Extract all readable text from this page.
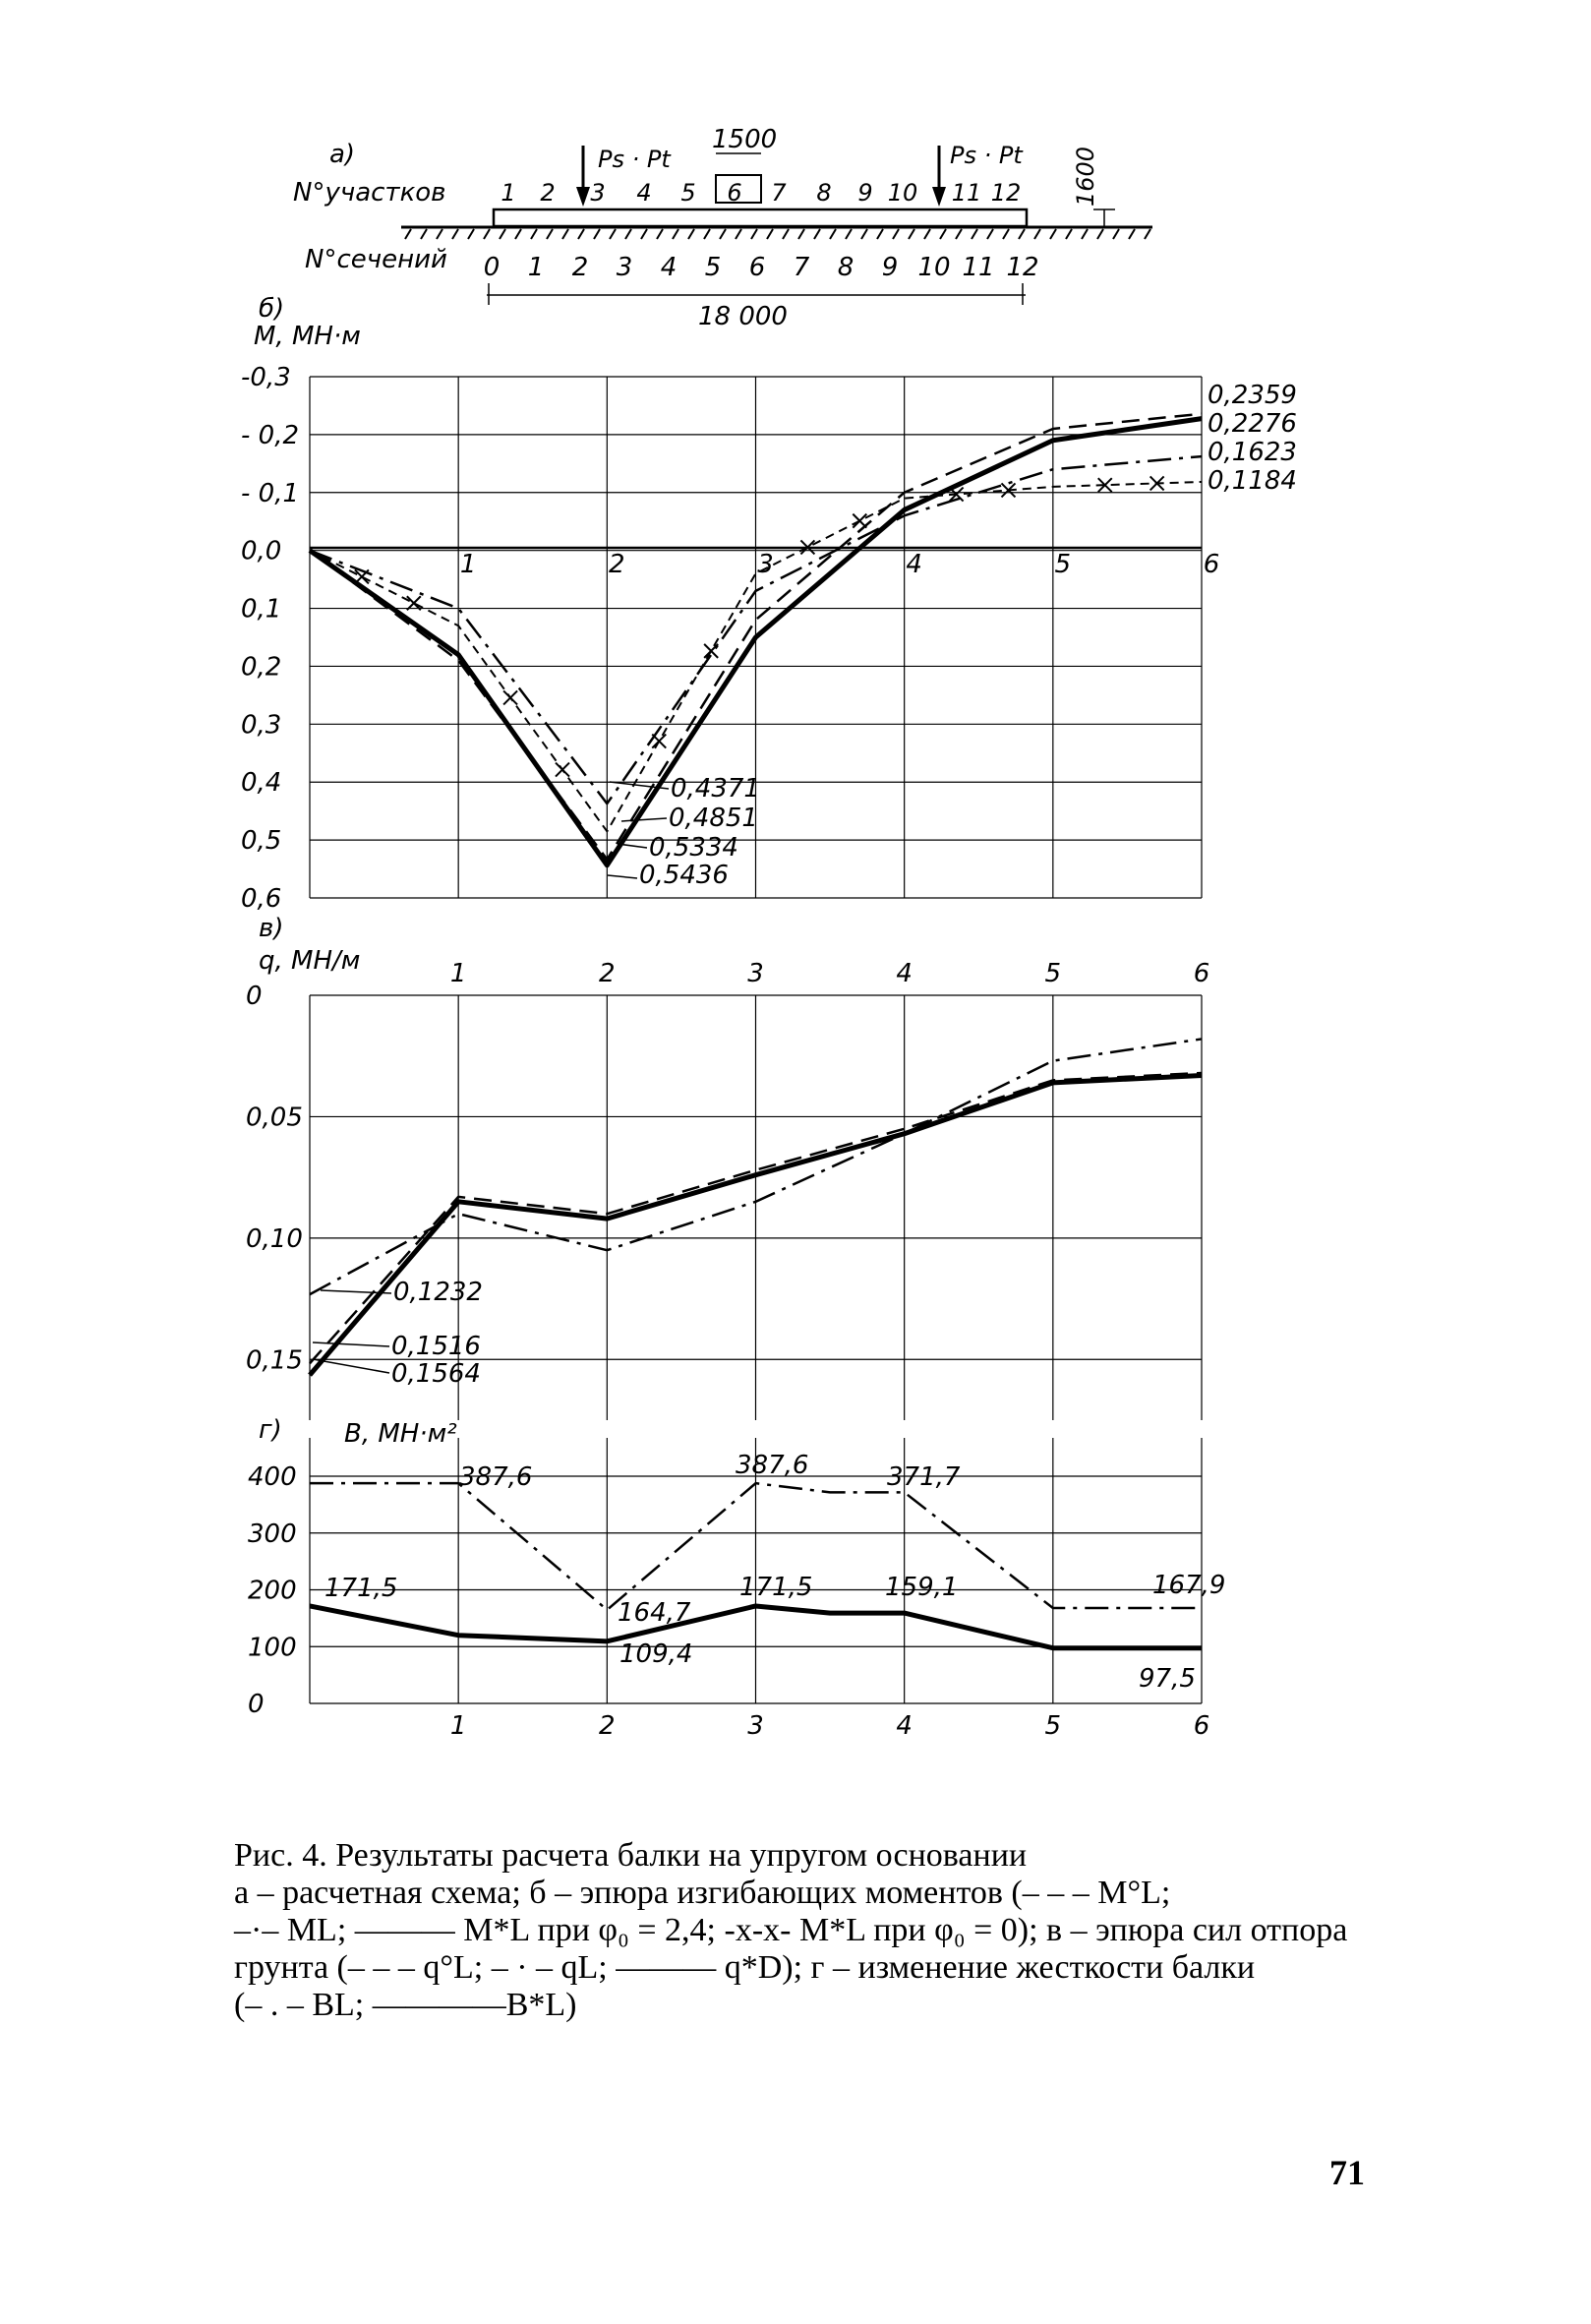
а)
N°участков
N°сечений
1 2 3 4 5 6 7 8 9 10 11 12
0 1 2 3 4 5 6 7 8 9 10 11 12
1500
Ps · Pt	Ps · Pt
18 000
1600
б)
-0,3
- 0,2
- 0,1
0,0
0,1
0,2
0,3
0,4
0,5
0,6
1	2	3	4	5	6
M, МН·м
0,2359
0,2276
0,1623
0,1184
0,4371
0,4851
0,5334
0,5436
в)
0
0,05
0,10
0,15
1	2	3	4	5	6
q, МН/м
0,1232
0,1516
0,1564
г)
0
100
200
300
400
1	2	3	4	5	6
B, МН·м²
387,6	387,6	371,7
171,5
164,7
171,5	159,1	167,9
109,4
97,5
Рис. 4. Результаты расчета балки на упругом основании
а – расчетная схема; б – эпюра изгибающих моментов (– – – M°L;
–·– ML; ——— M*L при φ₀ = 2,4; -x-x- M*L при φ₀ = 0); в – эпюра сил отпора
грунта (– – – q°L; – · – qL; ——— q*D); г – изменение жесткости балки
(– . – BL; ————B*L)
71
